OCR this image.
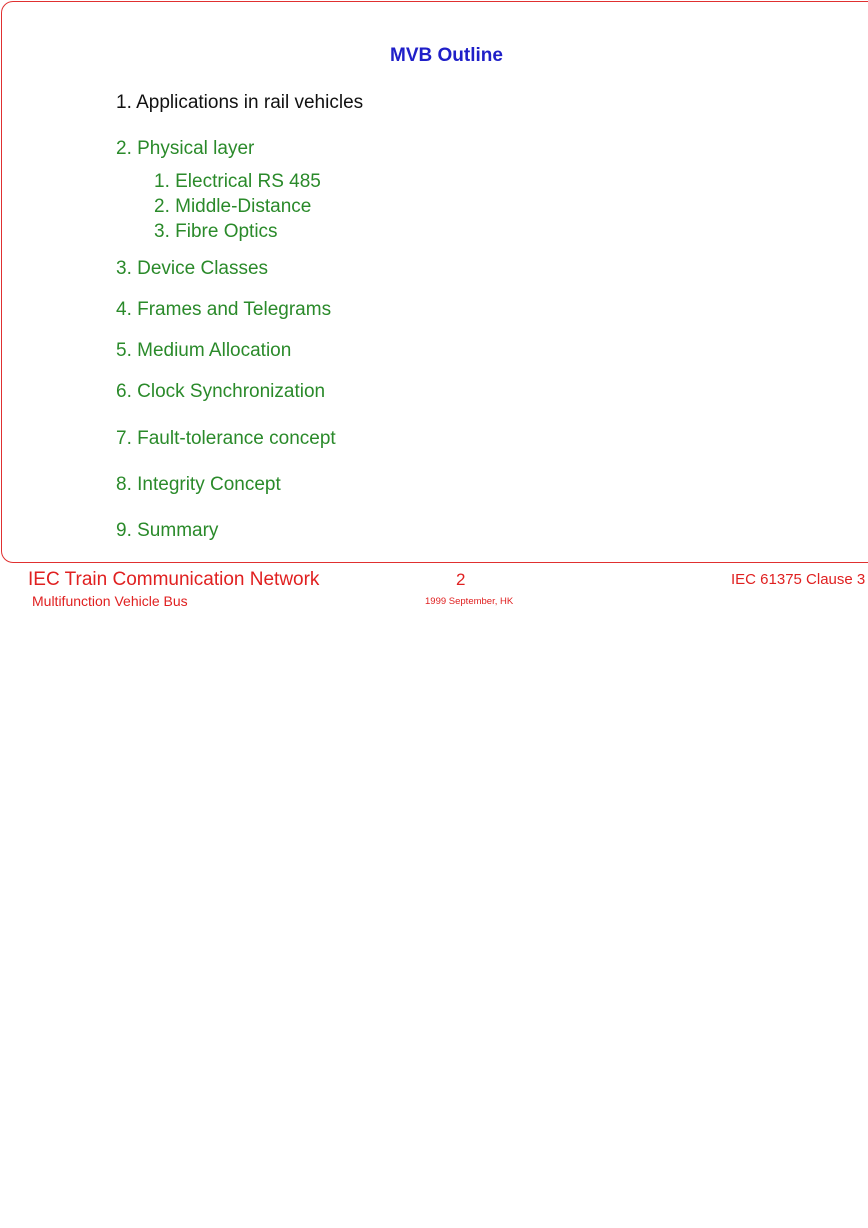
MVB Outline

1. Applications in rail vehicles

2. Physical layer

1. Electrical RS 485

2. Middle-Distance

3. Fibre Optics

3. Device Classes

4. Frames and Telegrams

5. Medium Allocation

6. Clock Synchronization

7. Fault-tolerance concept

8. Integrity Concept

9. Summary

IEC Train Communication Network

Multifunction Vehicle Bus
2
1999 September, HK
IEC 61375 Clause 3
